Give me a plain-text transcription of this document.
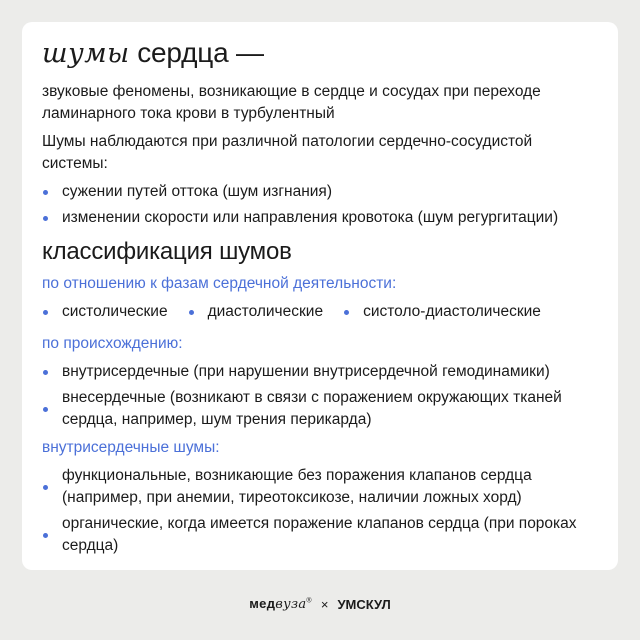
шумы сердца —

звуковые феномены, возникающие в сердце и сосудах при переходе ламинарного тока крови в турбулентный

Шумы наблюдаются при различной патологии сердечно-сосудистой системы:

сужении путей оттока (шум изгнания)
изменении скорости или направления кровотока (шум регургитации)
классификация шумов
по отношению к фазам сердечной деятельности:
систолические	диастолические	систоло-диастолические
по происхождению:
внутрисердечные (при нарушении внутрисердечной гемодинамики)
внесердечные (возникают в связи с поражением окружающих тканей сердца, например, шум трения перикарда)
внутрисердечные шумы:
функциональные, возникающие без поражения клапанов сердца (например, при анемии, тиреотоксикозе, наличии ложных хорд)
органические, когда имеется поражение клапанов сердца (при пороках сердца)
медвуза® × УМСКУЛ
